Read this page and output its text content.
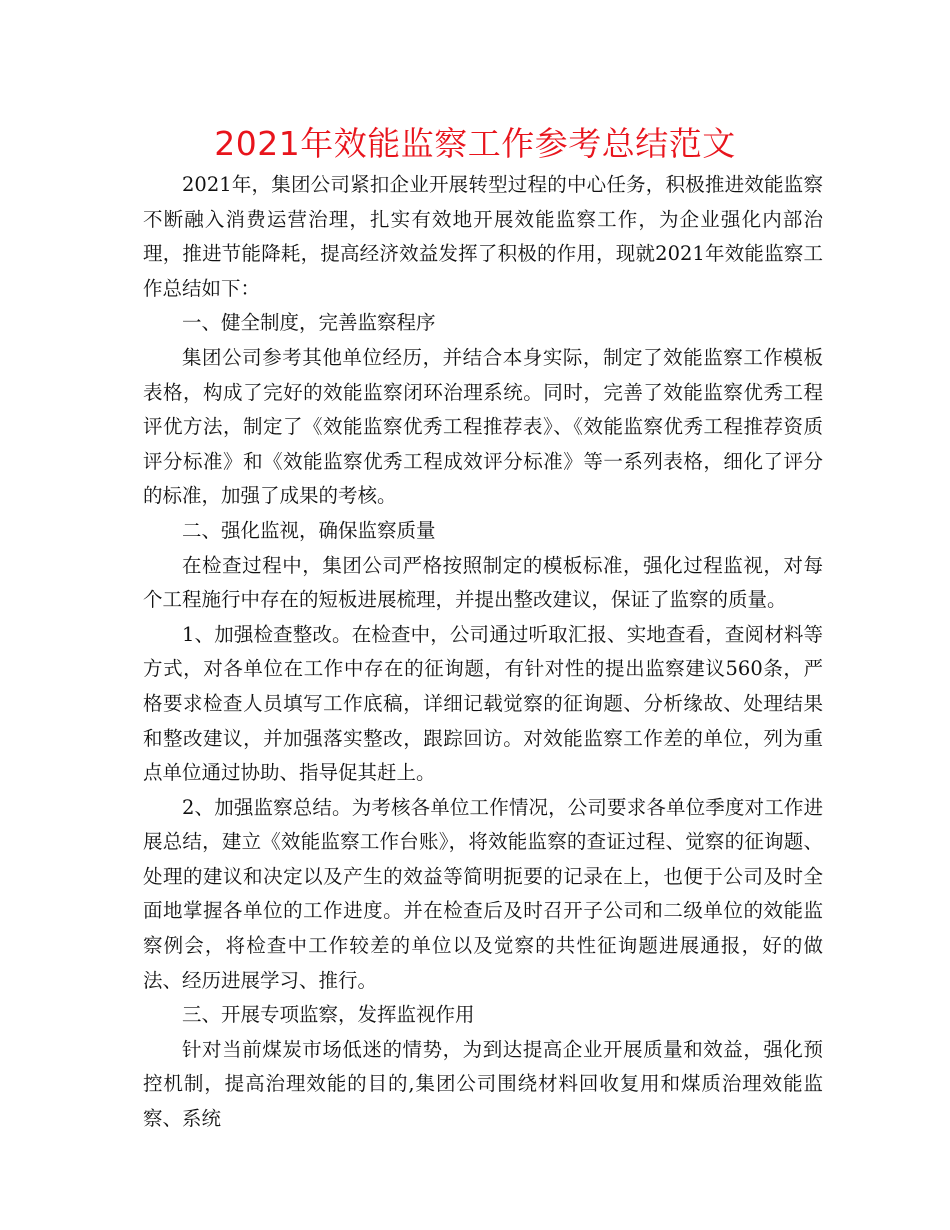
2021年效能监察工作参考总结范文

2021年，集团公司紧扣企业开展转型过程的中心任务，积极推进效能监察不断融入消费运营治理，扎实有效地开展效能监察工作，为企业强化内部治理，推进节能降耗，提高经济效益发挥了积极的作用，现就2021年效能监察工作总结如下：

一、健全制度，完善监察程序

集团公司参考其他单位经历，并结合本身实际，制定了效能监察工作模板表格，构成了完好的效能监察闭环治理系统。同时，完善了效能监察优秀工程评优方法，制定了《效能监察优秀工程推荐表》、《效能监察优秀工程推荐资质评分标准》和《效能监察优秀工程成效评分标准》等一系列表格，细化了评分的标准，加强了成果的考核。

二、强化监视，确保监察质量

在检查过程中，集团公司严格按照制定的模板标准，强化过程监视，对每个工程施行中存在的短板进展梳理，并提出整改建议，保证了监察的质量。

1、加强检查整改。在检查中，公司通过听取汇报、实地查看，查阅材料等方式，对各单位在工作中存在的征询题，有针对性的提出监察建议560条，严格要求检查人员填写工作底稿，详细记载觉察的征询题、分析缘故、处理结果和整改建议，并加强落实整改，跟踪回访。对效能监察工作差的单位，列为重点单位通过协助、指导促其赶上。

2、加强监察总结。为考核各单位工作情况，公司要求各单位季度对工作进展总结，建立《效能监察工作台账》，将效能监察的查证过程、觉察的征询题、处理的建议和决定以及产生的效益等简明扼要的记录在上，也便于公司及时全面地掌握各单位的工作进度。并在检查后及时召开子公司和二级单位的效能监察例会，将检查中工作较差的单位以及觉察的共性征询题进展通报，好的做法、经历进展学习、推行。

三、开展专项监察，发挥监视作用

针对当前煤炭市场低迷的情势，为到达提高企业开展质量和效益，强化预控机制，提高治理效能的目的,集团公司围绕材料回收复用和煤质治理效能监察、系统
